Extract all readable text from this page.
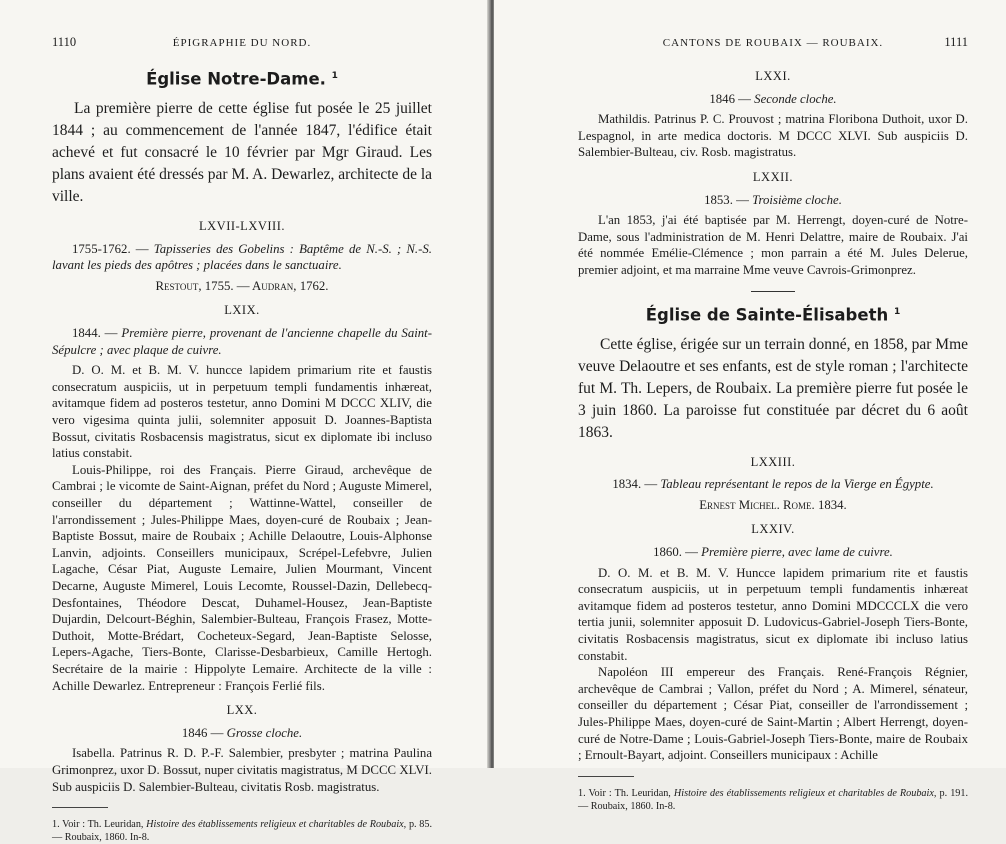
1110	ÉPIGRAPHIE DU NORD.
Église Notre-Dame. $^1$

La première pierre de cette église fut posée le 25 juillet 1844 ; au commencement de l'année 1847, l'édifice était achevé et fut consacré le 10 février par Mgr Giraud. Les plans avaient été dressés par M. A. Dewarlez, architecte de la ville.

LXVII-LXVIII.

1755-1762. — Tapisseries des Gobelins : Baptême de N.-S. ; N.-S. lavant les pieds des apôtres ; placées dans le sanctuaire.

Restout, 1755. — Audran, 1762.

LXIX.

1844. — Première pierre, provenant de l'ancienne chapelle du Saint-Sépulcre ; avec plaque de cuivre.

D. O. M. et B. M. V. huncce lapidem primarium rite et faustis consecratum auspiciis, ut in perpetuum templi fundamentis inhæreat, avitamque fidem ad posteros testetur, anno Domini M DCCC XLIV, die vero vigesima quinta julii, solemniter apposuit D. Joannes-Baptista Bossut, civitatis Rosbacensis magistratus, sicut ex diplomate ibi incluso latius constabit.

Louis-Philippe, roi des Français. Pierre Giraud, archevêque de Cambrai ; le vicomte de Saint-Aignan, préfet du Nord ; Auguste Mimerel, conseiller du département ; Wattinne-Wattel, conseiller de l'arrondissement ; Jules-Philippe Maes, doyen-curé de Roubaix ; Jean-Baptiste Bossut, maire de Roubaix ; Achille Delaoutre, Louis-Alphonse Lanvin, adjoints. Conseillers municipaux, Scrépel-Lefebvre, Julien Lagache, César Piat, Auguste Lemaire, Julien Mourmant, Vincent Decarne, Auguste Mimerel, Louis Lecomte, Roussel-Dazin, Dellebecq-Desfontaines, Théodore Descat, Duhamel-Housez, Jean-Baptiste Dujardin, Delcourt-Béghin, Salembier-Bulteau, François Frasez, Motte-Duthoit, Motte-Brédart, Cocheteux-Segard, Jean-Baptiste Selosse, Lepers-Agache, Tiers-Bonte, Clarisse-Desbarbieux, Camille Hertogh. Secrétaire de la mairie : Hippolyte Lemaire. Architecte de la ville : Achille Dewarlez. Entrepreneur : François Ferlié fils.

LXX.

1846 — Grosse cloche.

Isabella. Patrinus R. D. P.-F. Salembier, presbyter ; matrina Paulina Grimonprez, uxor D. Bossut, nuper civitatis magistratus, M DCCC XLVI. Sub auspiciis D. Salembier-Bulteau, civitatis Rosb. magistratus.

1. Voir : Th. Leuridan, Histoire des établissements religieux et charitables de Roubaix, p. 85. — Roubaix, 1860. In-8.

CANTONS DE ROUBAIX — ROUBAIX.	1111
LXXI.

1846 — Seconde cloche.

Mathildis. Patrinus P. C. Prouvost ; matrina Floribona Duthoit, uxor D. Lespagnol, in arte medica doctoris. M DCCC XLVI. Sub auspiciis D. Salembier-Bulteau, civ. Rosb. magistratus.

LXXII.

1853. — Troisième cloche.

L'an 1853, j'ai été baptisée par M. Herrengt, doyen-curé de Notre-Dame, sous l'administration de M. Henri Delattre, maire de Roubaix. J'ai été nommée Emélie-Clémence ; mon parrain a été M. Jules Delerue, premier adjoint, et ma marraine Mme veuve Cavrois-Grimonprez.

Église de Sainte-Élisabeth $^1$

Cette église, érigée sur un terrain donné, en 1858, par Mme veuve Delaoutre et ses enfants, est de style roman ; l'architecte fut M. Th. Lepers, de Roubaix. La première pierre fut posée le 3 juin 1860. La paroisse fut constituée par décret du 6 août 1863.

LXXIII.

1834. — Tableau représentant le repos de la Vierge en Égypte.

Ernest Michel. Rome. 1834.

LXXIV.

1860. — Première pierre, avec lame de cuivre.

D. O. M. et B. M. V. Huncce lapidem primarium rite et faustis consecratum auspiciis, ut in perpetuum templi fundamentis inhæreat avitamque fidem ad posteros testetur, anno Domini MDCCCLX die vero tertia junii, solemniter apposuit D. Ludovicus-Gabriel-Joseph Tiers-Bonte, civitatis Rosbacensis magistratus, sicut ex diplomate ibi incluso latius constabit.

Napoléon III empereur des Français. René-François Régnier, archevêque de Cambrai ; Vallon, préfet du Nord ; A. Mimerel, sénateur, conseiller du département ; César Piat, conseiller de l'arrondissement ; Jules-Philippe Maes, doyen-curé de Saint-Martin ; Albert Herrengt, doyen-curé de Notre-Dame ; Louis-Gabriel-Joseph Tiers-Bonte, maire de Roubaix ; Ernoult-Bayart, adjoint. Conseillers municipaux : Achille

1. Voir : Th. Leuridan, Histoire des établissements religieux et charitables de Roubaix, p. 191. — Roubaix, 1860. In-8.
